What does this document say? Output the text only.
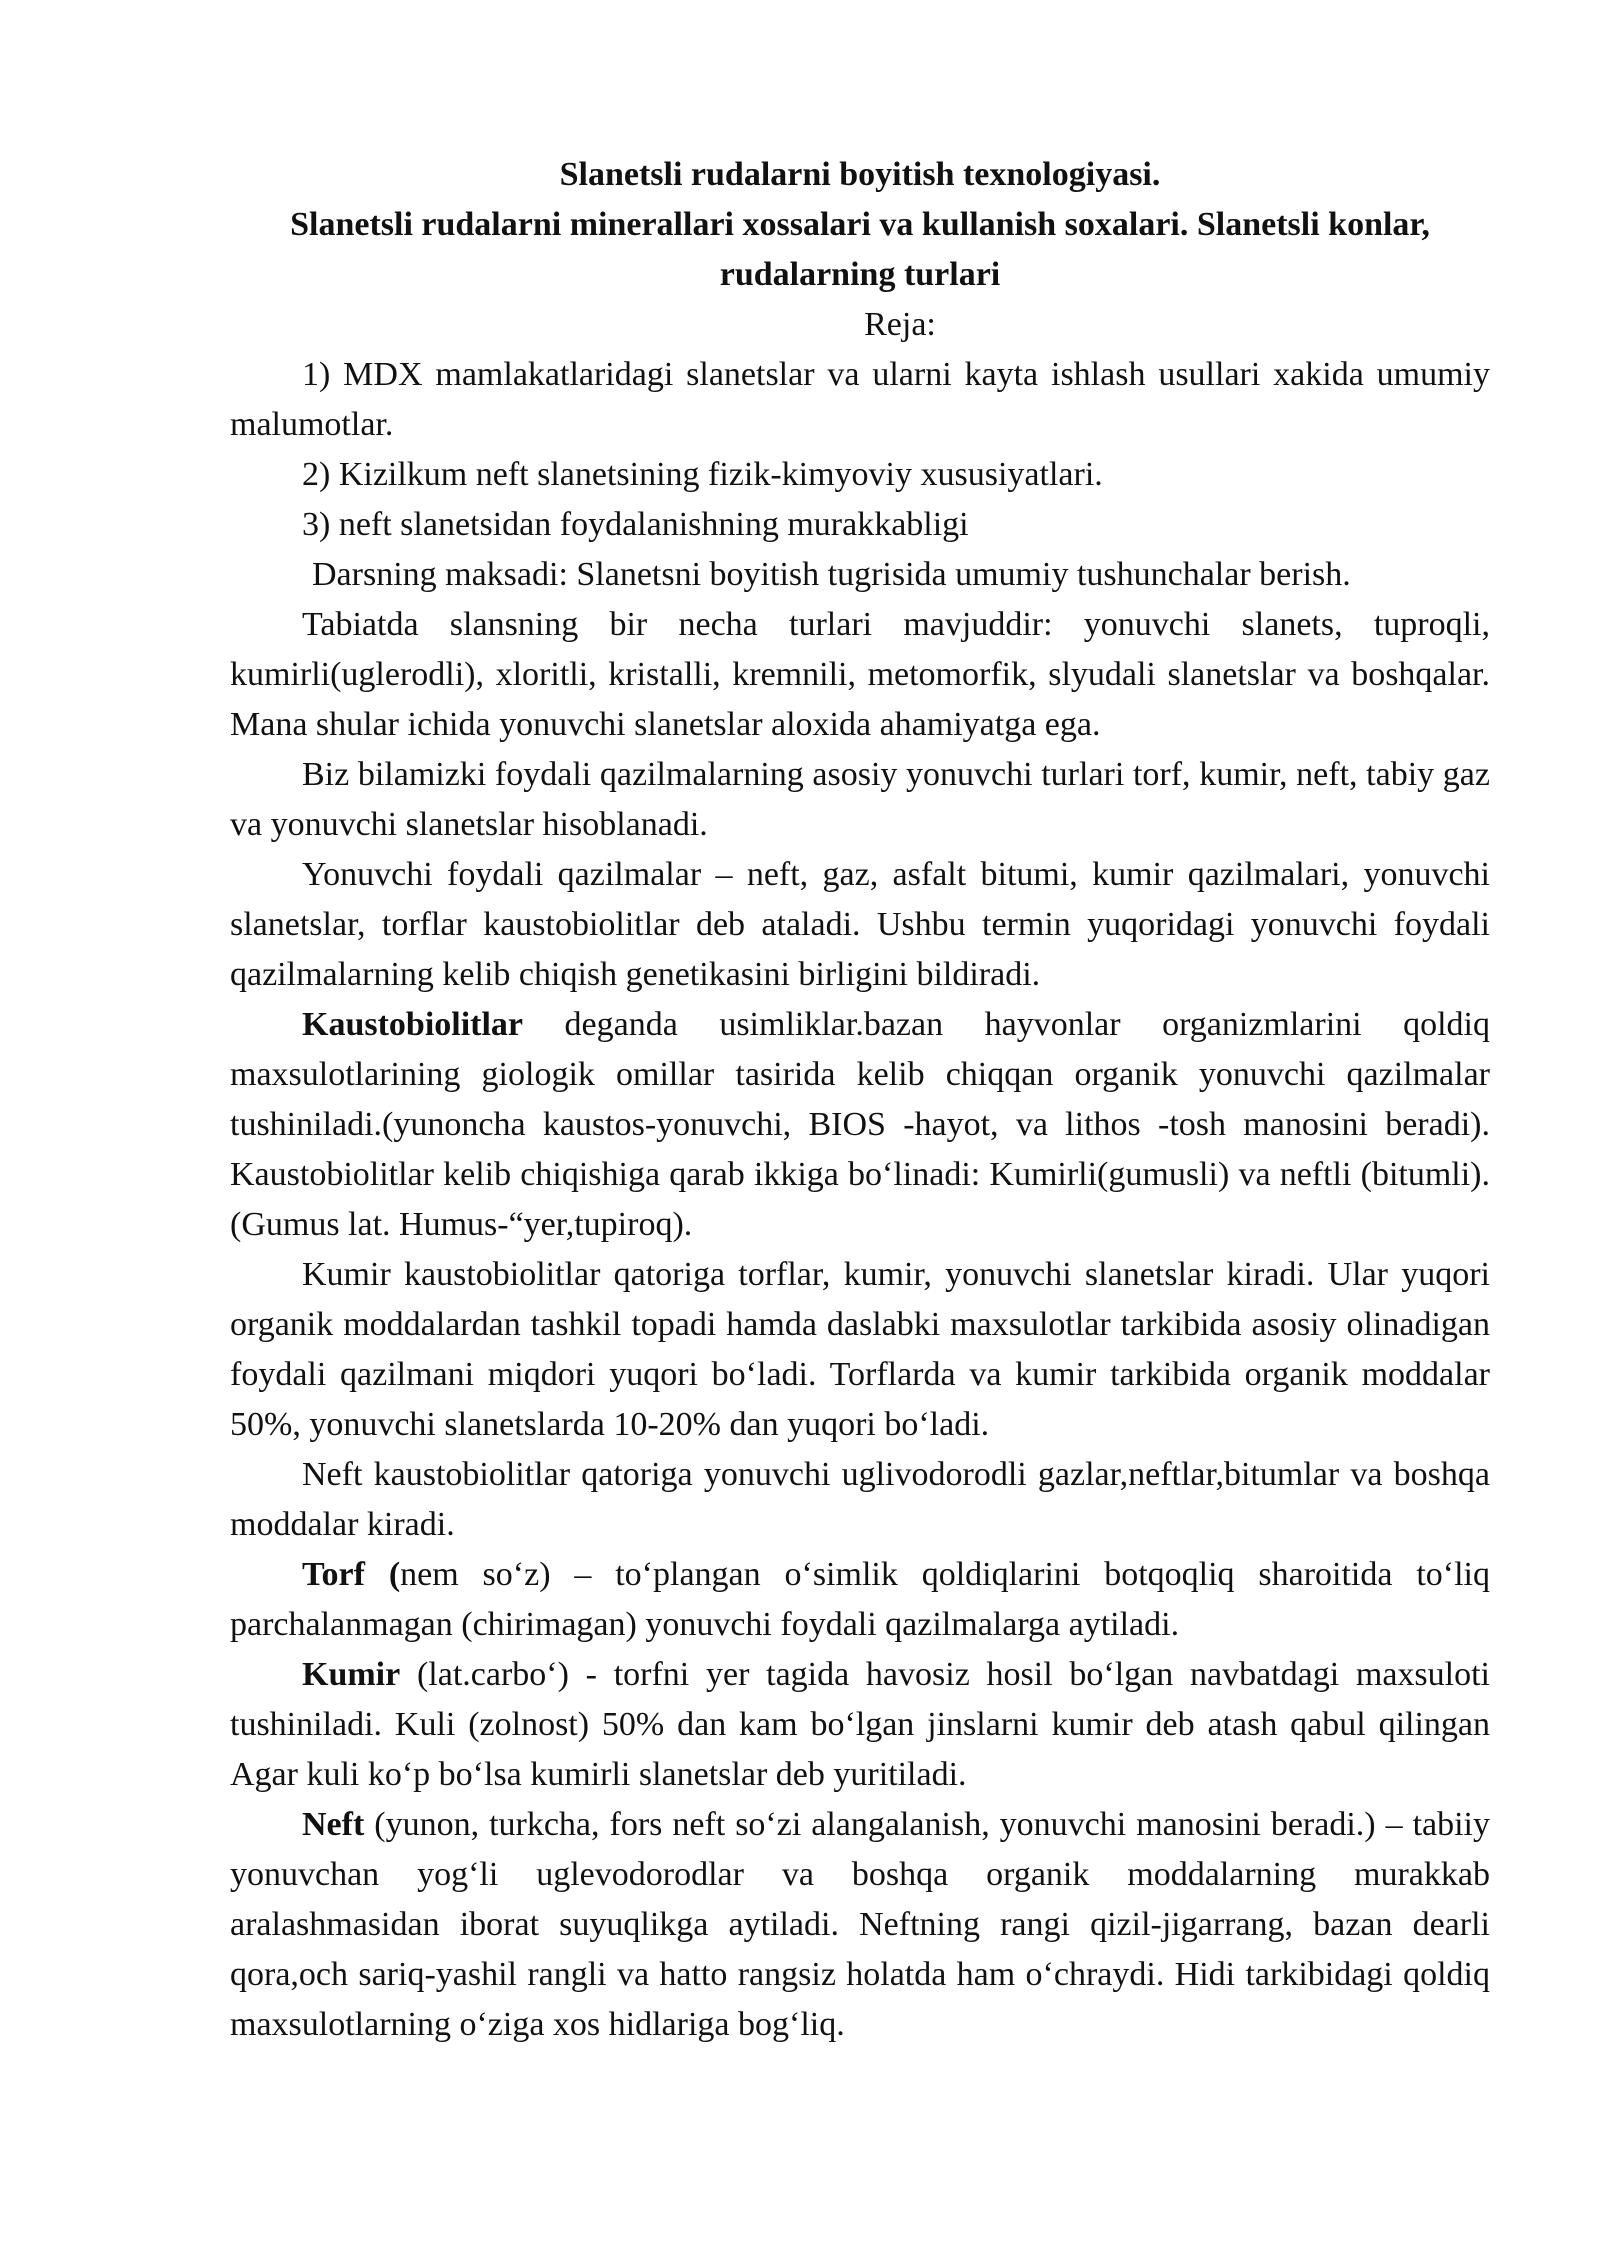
Slanetsli rudalarni boyitish texnologiyasi.

Slanetsli rudalarni minerallari xossalari va kullanish soxalari. Slanetsli konlar, rudalarning turlari

Reja:

1) MDX mamlakatlaridagi slanetslar va ularni kayta ishlash usullari xakida umumiy malumotlar.

2) Kizilkum neft slanetsining fizik-kimyoviy xususiyatlari.

3) neft slanetsidan foydalanishning murakkabligi

Darsning maksadi: Slanetsni boyitish tugrisida umumiy tushunchalar berish.

Tabiatda slansning bir necha turlari mavjuddir: yonuvchi slanets, tuproqli, kumirli(uglerodli), xloritli, kristalli, kremnili, metomorfik, slyudali slanetslar va boshqalar. Mana shular ichida yonuvchi slanetslar aloxida ahamiyatga ega.

Biz bilamizki foydali qazilmalarning asosiy yonuvchi turlari torf, kumir, neft, tabiy gaz va yonuvchi slanetslar hisoblanadi.

Yonuvchi foydali qazilmalar – neft, gaz, asfalt bitumi, kumir qazilmalari, yonuvchi slanetslar, torflar kaustobiolitlar deb ataladi. Ushbu termin yuqoridagi yonuvchi foydali qazilmalarning kelib chiqish genetikasini birligini bildiradi.

Kaustobiolitlar deganda usimliklar.bazan hayvonlar organizmlarini qoldiq maxsulotlarining giologik omillar tasirida kelib chiqqan organik yonuvchi qazilmalar tushiniladi.(yunoncha kaustos-yonuvchi, BIOS -hayot, va lithos -tosh manosini beradi). Kaustobiolitlar kelib chiqishiga qarab ikkiga bo‘linadi: Kumirli(gumusli) va neftli (bitumli). (Gumus lat. Humus-“yer,tupiroq).

Kumir kaustobiolitlar qatoriga torflar, kumir, yonuvchi slanetslar kiradi. Ular yuqori organik moddalardan tashkil topadi hamda daslabki maxsulotlar tarkibida asosiy olinadigan foydali qazilmani miqdori yuqori bo‘ladi. Torflarda va kumir tarkibida organik moddalar 50%, yonuvchi slanetslarda 10-20% dan yuqori bo‘ladi.

Neft kaustobiolitlar qatoriga yonuvchi uglivodorodli gazlar,neftlar,bitumlar va boshqa moddalar kiradi.

Torf (nem so‘z) – to‘plangan o‘simlik qoldiqlarini botqoqliq sharoitida to‘liq parchalanmagan (chirimagan) yonuvchi foydali qazilmalarga aytiladi.

Kumir (lat.carbo‘) - torfni yer tagida havosiz hosil bo‘lgan navbatdagi maxsuloti tushiniladi. Kuli (zolnost) 50% dan kam bo‘lgan jinslarni kumir deb atash qabul qilingan Agar kuli ko‘p bo‘lsa kumirli slanetslar deb yuritiladi.

Neft (yunon, turkcha, fors neft so‘zi alangalanish, yonuvchi manosini beradi.) – tabiiy yonuvchan yog‘li uglevodorodlar va boshqa organik moddalarning murakkab aralashmasidan iborat suyuqlikga aytiladi. Neftning rangi qizil-jigarrang, bazan dearli qora,och sariq-yashil rangli va hatto rangsiz holatda ham o‘chraydi. Hidi tarkibidagi qoldiq maxsulotlarning o‘ziga xos hidlariga bog‘liq.
